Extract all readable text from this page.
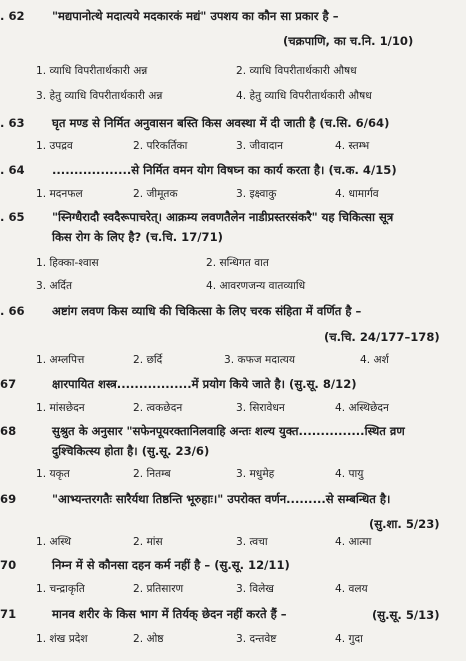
. 62 "मद्यपानोत्थे मदात्यये मदकारकं मद्यं" उपशय का कौन सा प्रकार है –
(चक्रपाणि, का च.नि. 1/10)
1. व्याधि विपरीतार्थकारी अन्न	2. व्याधि विपरीतार्थकारी औषध
3. हेतु व्याधि विपरीतार्थकारी अन्न	4. हेतु व्याधि विपरीतार्थकारी औषध
. 63 घृत मण्ड से निर्मित अनुवासन बस्ति किस अवस्था में दी जाती है (च.सि. 6/64)
1. उपद्रव	2. परिकर्तिका	3. जीवादान	4. स्तम्भ
. 64 ..................से निर्मित वमन योग विषघ्न का कार्य करता है। (च.क. 4/15)
1. मदनफल	2. जीमूतक	3. इक्ष्वाकु	4. धामार्गव
. 65 "स्निग्धैरादौ स्वदैरूपाचरेत्। आक्रम्य लवणतैलेन नाडीप्रस्तरसंकरै" यह चिकित्सा सूत्र
किस रोग के लिए है? (च.चि. 17/71)
1. हिक्का-श्वास	2. सन्धिगत वात
3. अर्दित	4. आवरणजन्य वातव्याधि
. 66 अष्टांग लवण किस व्याधि की चिकित्सा के लिए चरक संहिता में वर्णित है –
(च.चि. 24/177–178)
1. अम्लपित्त	2. छर्दि	3. कफज मदात्यय	4. अर्श
67	क्षारपायित शस्त्र.................में प्रयोग किये जाते है। (सु.सू. 8/12)
1. मांसछेदन	2. त्वकछेदन	3. सिरावेधन	4. अस्थिछेदन
68	सुश्रुत के अनुसार "सफेनपूयरक्तानिलवाहि अन्तः शल्य युक्त...............स्थित व्रण
दुश्चिकित्स्य होता है। (सु.सू. 23/6)
1. यकृत	2. नितम्ब	3. मधुमेह	4. पायु
69	"आभ्यन्तरगतैः सारैर्यथा तिष्ठन्ति भूरुहाः।" उपरोक्त वर्णन.........से सम्बन्धित है।
(सु.शा. 5/23)
1. अस्थि	2. मांस	3. त्वचा	4. आत्मा
70	निम्न में से कौनसा दहन कर्म नहीं है – (सु.सू. 12/11)
1. चन्द्राकृति	2. प्रतिसारण	3. विलेख	4. वलय
71	मानव शरीर के किस भाग में तिर्यक् छेदन नहीं करते हैं –	(सु.सू. 5/13)
1. शंख प्रदेश	2. ओष्ठ	3. दन्तवेष्ट	4. गुदा
